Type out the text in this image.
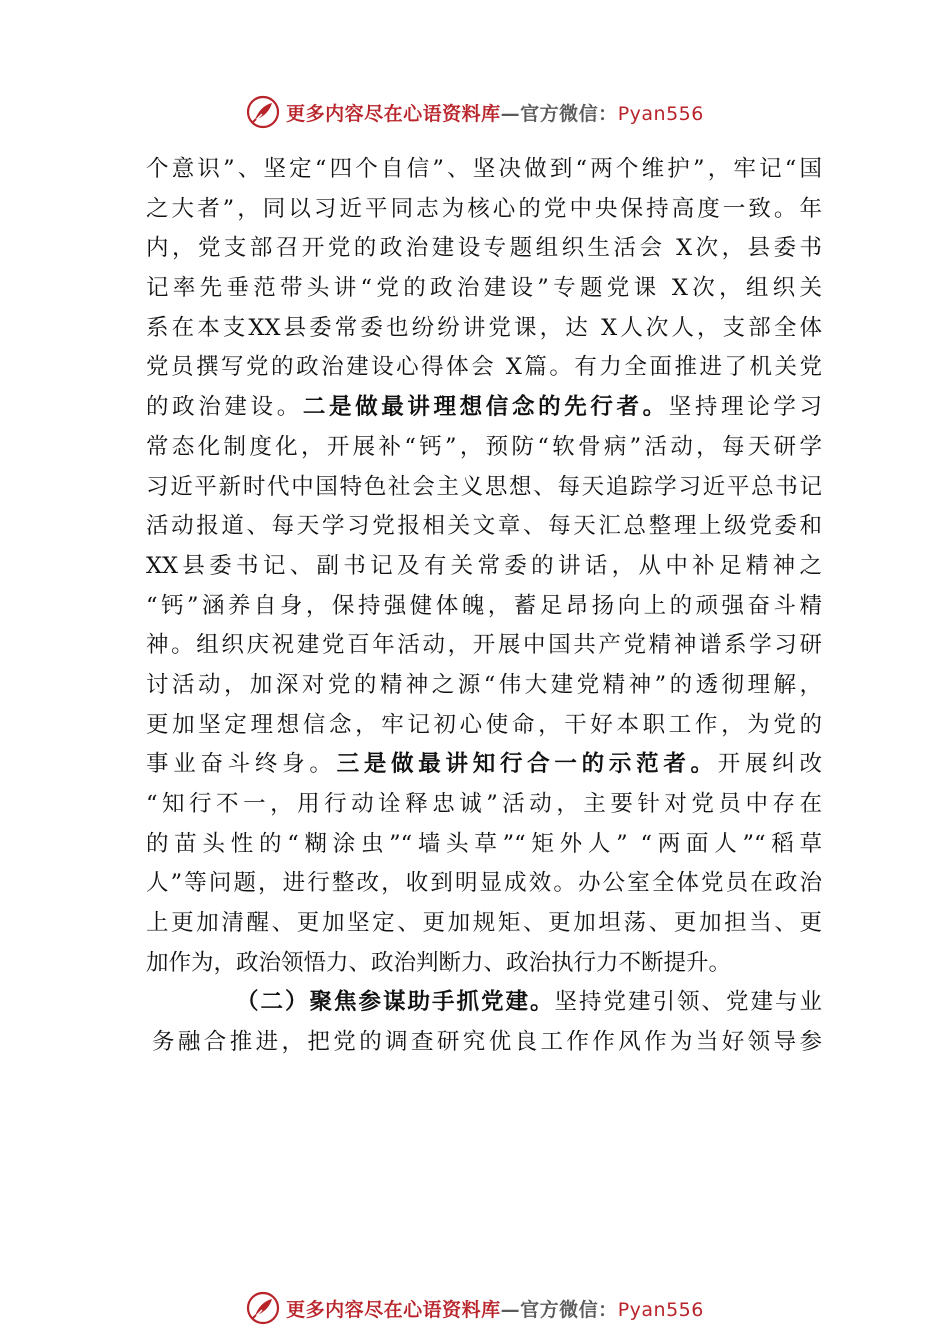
更多内容尽在心语资料库—官方微信：Pyan556
个意识”、坚定“四个自信”、坚决做到“两个维护”，牢记“国
之大者”，同以习近平同志为核心的党中央保持高度一致。年
内，党支部召开党的政治建设专题组织生活会 X次，县委书
记率先垂范带头讲“党的政治建设”专题党课 X次，组织关
系在本支XX县委常委也纷纷讲党课，达 X人次人，支部全体
党员撰写党的政治建设心得体会 X篇。有力全面推进了机关党
的政治建设。二是做最讲理想信念的先行者。坚持理论学习
常态化制度化，开展补“钙”，预防“软骨病”活动，每天研学
习近平新时代中国特色社会主义思想、每天追踪学习近平总书记
活动报道、每天学习党报相关文章、每天汇总整理上级党委和
XX县委书记、副书记及有关常委的讲话，从中补足精神之
“钙”涵养自身，保持强健体魄，蓄足昂扬向上的顽强奋斗精
神。组织庆祝建党百年活动，开展中国共产党精神谱系学习研
讨活动，加深对党的精神之源“伟大建党精神”的透彻理解，
更加坚定理想信念，牢记初心使命，干好本职工作，为党的
事业奋斗终身。三是做最讲知行合一的示范者。开展纠改
“知行不一，用行动诠释忠诚”活动，主要针对党员中存在
的苗头性的“糊涂虫”“墙头草”“矩外人” “两面人”“稻草
人”等问题，进行整改，收到明显成效。办公室全体党员在政治
上更加清醒、更加坚定、更加规矩、更加坦荡、更加担当、更
加作为，政治领悟力、政治判断力、政治执行力不断提升。
（二）聚焦参谋助手抓党建。坚持党建引领、党建与业
务融合推进，把党的调查研究优良工作作风作为当好领导参
更多内容尽在心语资料库—官方微信：Pyan556
